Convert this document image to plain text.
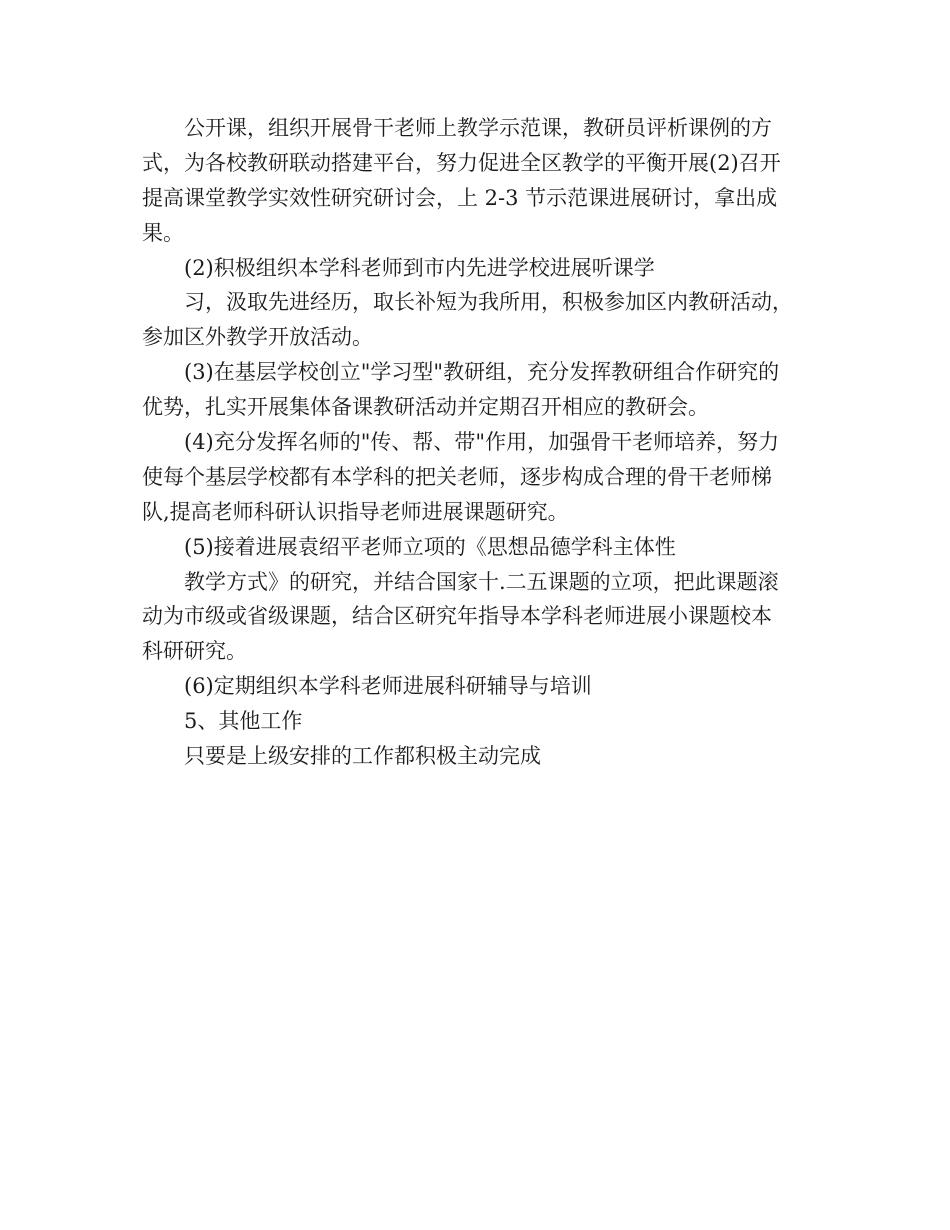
公开课，组织开展骨干老师上教学示范课，教研员评析课例的方
式，为各校教研联动搭建平台，努力促进全区教学的平衡开展(2)召开
提高课堂教学实效性研究研讨会，上 2-3 节示范课进展研讨，拿出成
果。
(2)积极组织本学科老师到市内先进学校进展听课学
习，汲取先进经历，取长补短为我所用，积极参加区内教研活动，
参加区外教学开放活动。
(3)在基层学校创立"学习型"教研组，充分发挥教研组合作研究的
优势，扎实开展集体备课教研活动并定期召开相应的教研会。
(4)充分发挥名师的"传、帮、带"作用，加强骨干老师培养，努力
使每个基层学校都有本学科的把关老师，逐步构成合理的骨干老师梯
队,提高老师科研认识指导老师进展课题研究。
(5)接着进展袁绍平老师立项的《思想品德学科主体性
教学方式》的研究，并结合国家十.二五课题的立项，把此课题滚
动为市级或省级课题，结合区研究年指导本学科老师进展小课题校本
科研研究。
(6)定期组织本学科老师进展科研辅导与培训
5、其他工作
只要是上级安排的工作都积极主动完成
